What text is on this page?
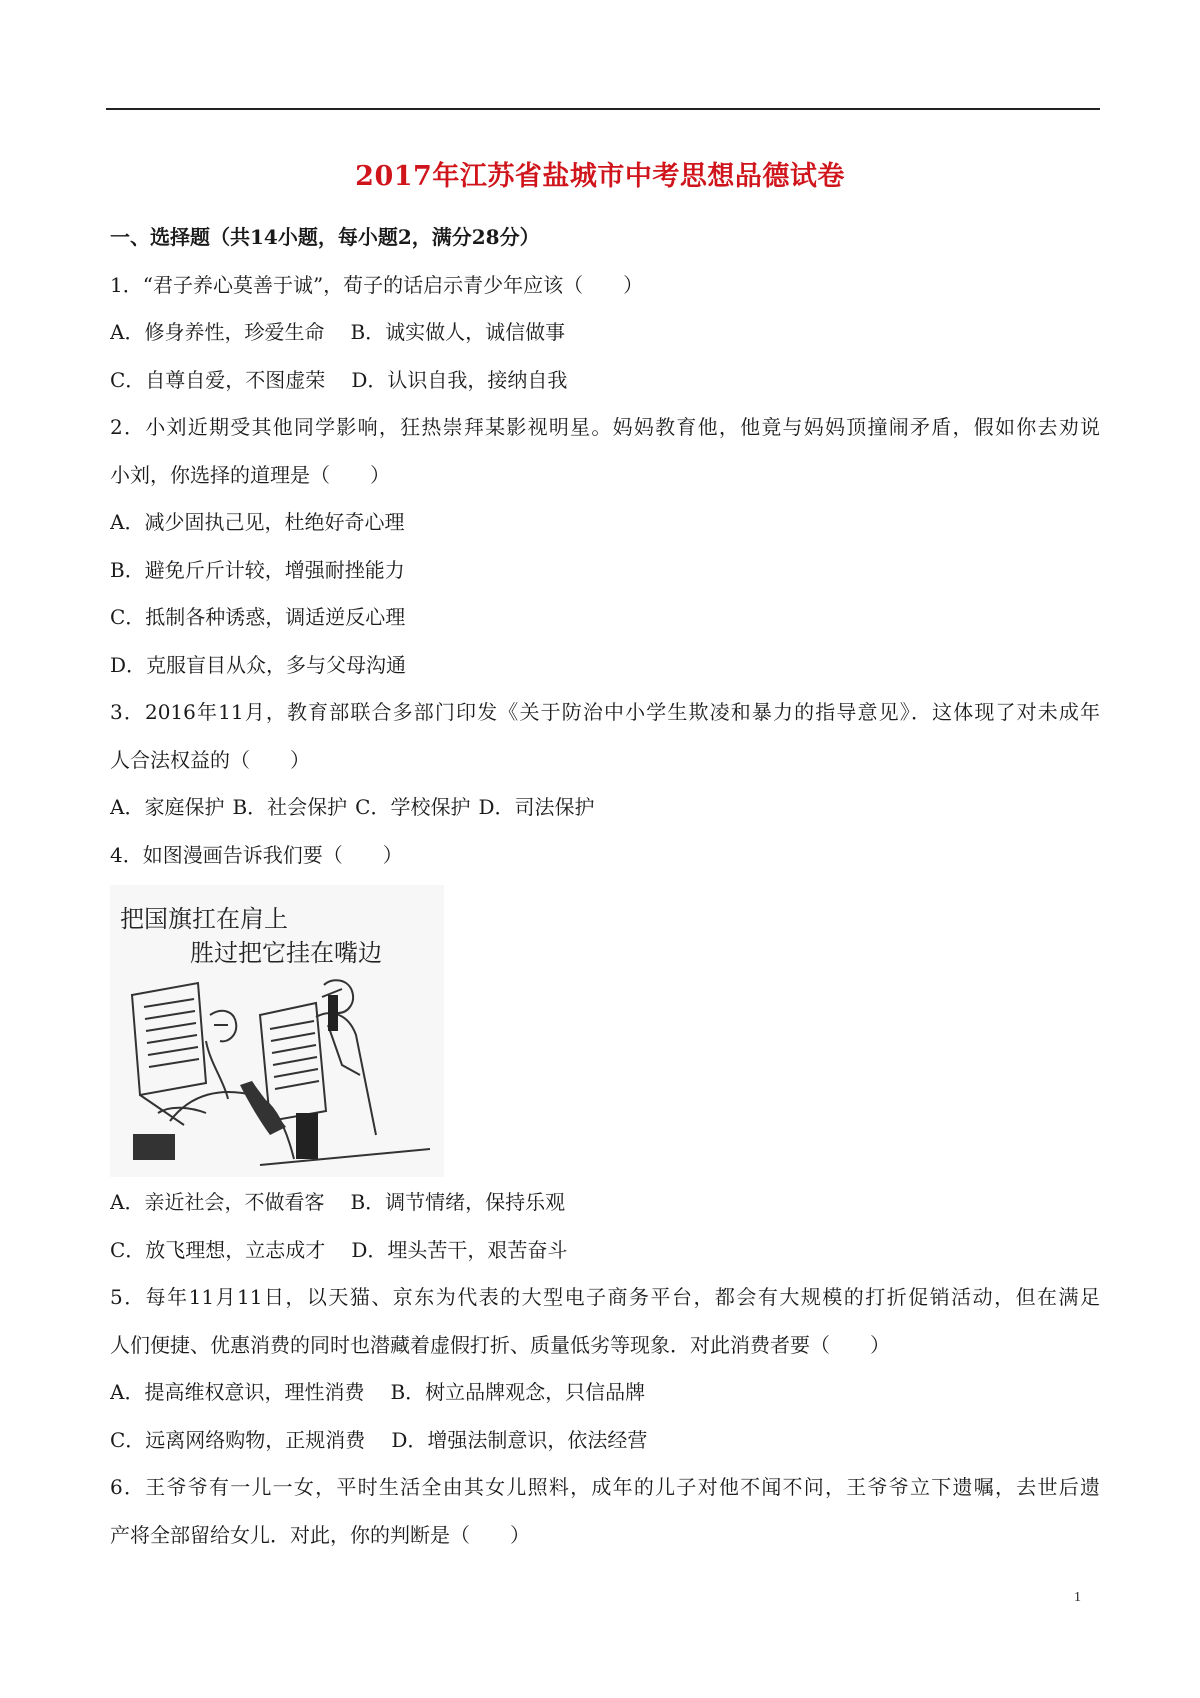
2017年江苏省盐城市中考思想品德试卷
一、选择题（共14小题，每小题2，满分28分）
1．“君子养心莫善于诚”，荀子的话启示青少年应该（　　）
A．修身养性，珍爱生命 B．诚实做人，诚信做事
C．自尊自爱，不图虚荣 D．认识自我，接纳自我
2．小刘近期受其他同学影响，狂热崇拜某影视明星。妈妈教育他，他竟与妈妈顶撞闹矛盾，假如你去劝说
小刘，你选择的道理是（　　）
A．减少固执己见，杜绝好奇心理
B．避免斤斤计较，增强耐挫能力
C．抵制各种诱惑，调适逆反心理
D．克服盲目从众，多与父母沟通
3．2016年11月，教育部联合多部门印发《关于防治中小学生欺凌和暴力的指导意见》．这体现了对未成年
人合法权益的（　　）
A．家庭保护 B．社会保护 C．学校保护 D．司法保护
4．如图漫画告诉我们要（　　）
把国旗扛在肩上
胜过把它挂在嘴边
A．亲近社会，不做看客 B．调节情绪，保持乐观
C．放飞理想，立志成才 D．埋头苦干，艰苦奋斗
5．每年11月11日，以天猫、京东为代表的大型电子商务平台，都会有大规模的打折促销活动，但在满足
人们便捷、优惠消费的同时也潜藏着虚假打折、质量低劣等现象．对此消费者要（　　）
A．提高维权意识，理性消费 B．树立品牌观念，只信品牌
C．远离网络购物，正规消费 D．增强法制意识，依法经营
6．王爷爷有一儿一女，平时生活全由其女儿照料，成年的儿子对他不闻不问，王爷爷立下遗嘱，去世后遗
产将全部留给女儿．对此，你的判断是（　　）
1
